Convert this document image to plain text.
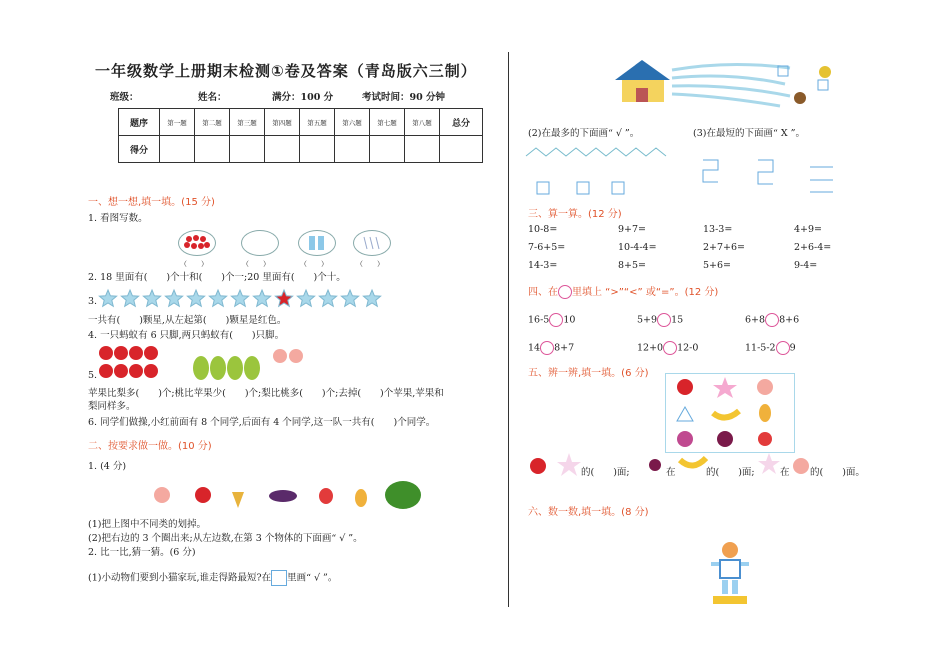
一年级数学上册期末检测①卷及答案（青岛版六三制）
班级：	姓名：	满分：100 分	考试时间：90 分钟
题序	第一题	第二题	第三题	第四题	第五题	第六题	第七题	第八题	总分
得分									
一、想一想,填一填。(15 分)
1. 看图写数。
（　　）	（　　）	（　　）	（　　）
2. 18 里面有(　　)个十和(　　)个一;20 里面有(　　)个十。
3.
一共有(　　)颗星,从左起第(　　)颗星是红色。
4. 一只蚂蚁有 6 只脚,两只蚂蚁有(　　)只脚。
5.
苹果比梨多(　　)个;桃比苹果少(　　)个;梨比桃多(　　)个;去掉(　　)个苹果,苹果和
梨同样多。
6. 同学们做操,小红前面有 8 个同学,后面有 4 个同学,这一队一共有(　　)个同学。
二、按要求做一做。(10 分)
1. (4 分)
(1)把上图中不同类的划掉。
(2)把右边的 3 个圈出来;从左边数,在第 3 个物体的下面画“ √ ”。
2. 比一比,猜一猜。(6 分)
(1)小动物们要到小猫家玩,谁走得路最短?在 里画“ √ ”。
(2)在最多的下面画“ √ ”。	(3)在最短的下面画“ X ”。
三、算一算。(12 分)
10-8=	9+7=	13-3=	4+9=
7-6+5=	10-4-4=	2+7+6=	2+6-4=
14-3=	8+5=	5+6=	9-4=
四、在 里填上 “>”“<” 或“=”。(12 分)
16-5 10	5+9 15	6+8 8+6
14 8+7	12+0 12-0	11-5-2 9
五、辨一辨,填一填。(6 分)
的(　　)面;	在	的(　　)面;	在 的(　　)面。
六、数一数,填一填。(8 分)
